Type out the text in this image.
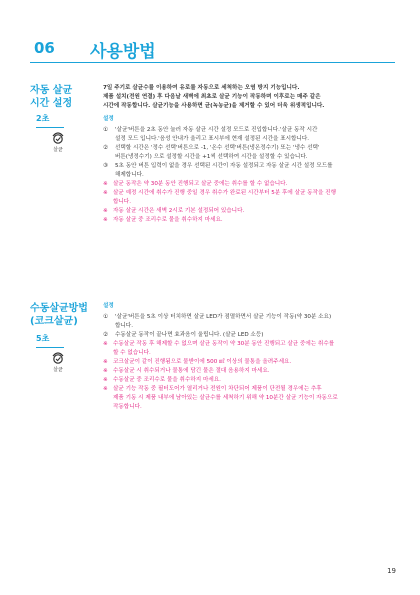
06 사용방법
자동 살균
시간 설정
2초
살균
7일 주기로 살균수를 이용하여 유로를 자동으로 세척하는 오염 방지 기능입니다.
제품 설치(전원 연결) 후 다음날 새벽에 최초로 살균 기능이 작동하며 이후로는 매주 같은
시간에 작동합니다. 살균기능을 사용하면 균(녹농균)을 제거할 수 있어 더욱 위생적입니다.
설정
① '살균'버튼을 2초 동안 눌러 자동 살균 시간 설정 모드로 진입합니다.'살균 동작 시간
설정 모드 입니다.'음성 안내가 울리고 표시부에 현재 설정된 시간을 표시합니다.
② 선택할 시간은 '정수 선택'버튼으로 -1, '온수 선택'버튼(냉온정수기) 또는 '냉수 선택'
버튼(냉정수기) 으로 설정할 시간을 +1씩 선택하여 시간을 설정할 수 있습니다.
③ 5초 동안 버튼 입력이 없을 경우 선택된 시간이 자동 설정되고 자동 살균 시간 설정 모드를
해제합니다.
※ 살균 동작은 약 30분 동안 진행되고 살균 중에는 취수를 할 수 없습니다.
※ 살균 예정 시간에 취수가 진행 중일 경우 취수가 완료된 시간부터 5분 후에 살균 동작을 진행
합니다.
※ 자동 살균 시간은 새벽 2시로 기본 설정되어 있습니다.
※ 자동 살균 중 조리수로 물을 취수하지 마세요.
수동살균방법
(코크살균)
5초
살균
설정
① '살균'버튼을 5초 이상 터치하면 살균 LED가 점멸하면서 살균 기능이 작동(약 30분 소요)
합니다.
② 수동살균 동작이 끝나면 효과음이 울립니다. (살균 LED 소등)
※ 수동살균 작동 후 해제할 수 없으며 살균 동작이 약 30분 동안 진행되고 살균 중에는 취수를
할 수 없습니다.
※ 코크살균이 같이 진행됨으로 물받이에 500 ㎖ 이상의 물통을 올려주세요.
※ 수동살균 시 취수되거나 물통에 담긴 물은 절대 음용하지 마세요.
※ 수동살균 중 조리수로 물을 취수하지 마세요.
※ 살균 기능 작동 중 필터도어가 열리거나 전원이 차단되어 제품이 단전될 경우에는 추후
제품 기동 시 제품 내부에 남아있는 살균수를 세척하기 위해 약 10분간 살균 기능이 자동으로
작동합니다.
19
